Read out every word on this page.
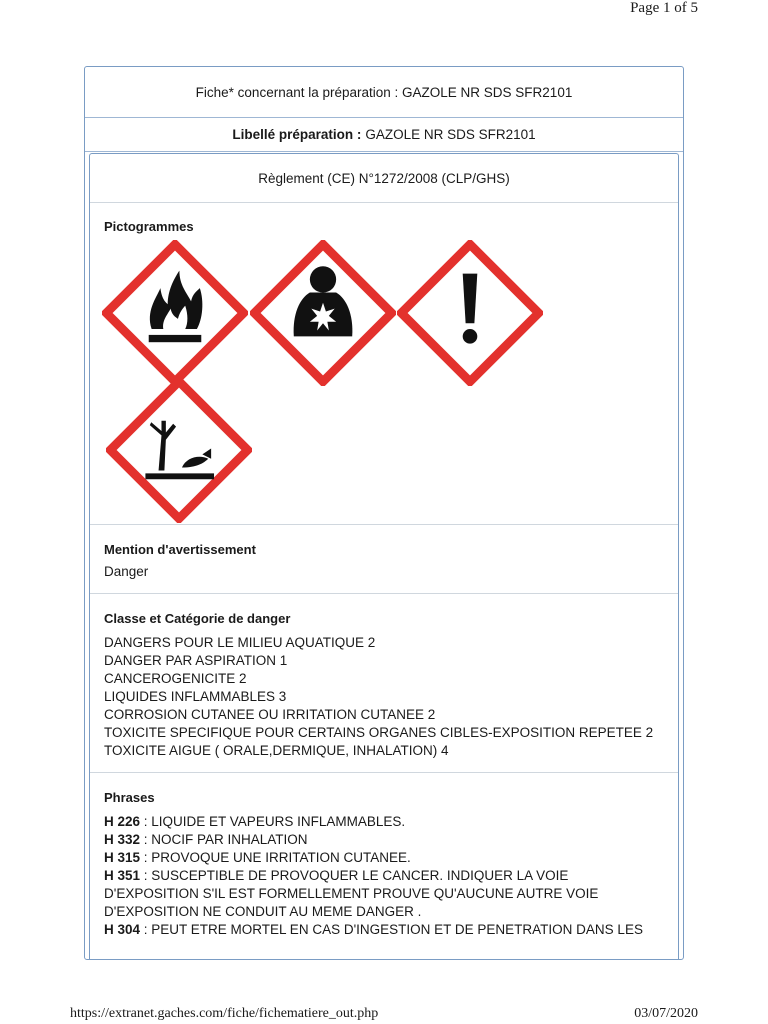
Page 1 of 5
Fiche* concernant la préparation : GAZOLE NR SDS SFR2101
Libellé préparation : GAZOLE NR SDS SFR2101
Règlement (CE) N°1272/2008 (CLP/GHS)
Pictogrammes
Mention d'avertissement
Danger
Classe et Catégorie de danger
DANGERS POUR LE MILIEU AQUATIQUE 2
DANGER PAR ASPIRATION 1
CANCEROGENICITE 2
LIQUIDES INFLAMMABLES 3
CORROSION CUTANEE OU IRRITATION CUTANEE 2
TOXICITE SPECIFIQUE POUR CERTAINS ORGANES CIBLES-EXPOSITION REPETEE 2
TOXICITE AIGUE ( ORALE,DERMIQUE, INHALATION) 4
Phrases
H 226 : LIQUIDE ET VAPEURS INFLAMMABLES.
H 332 : NOCIF PAR INHALATION
H 315 : PROVOQUE UNE IRRITATION CUTANEE.
H 351 : SUSCEPTIBLE DE PROVOQUER LE CANCER. INDIQUER LA VOIE
D'EXPOSITION S'IL EST FORMELLEMENT PROUVE QU'AUCUNE AUTRE VOIE
D'EXPOSITION NE CONDUIT AU MEME DANGER .
H 304 : PEUT ETRE MORTEL EN CAS D'INGESTION ET DE PENETRATION DANS LES
https://extranet.gaches.com/fiche/fichematiere_out.php	03/07/2020
